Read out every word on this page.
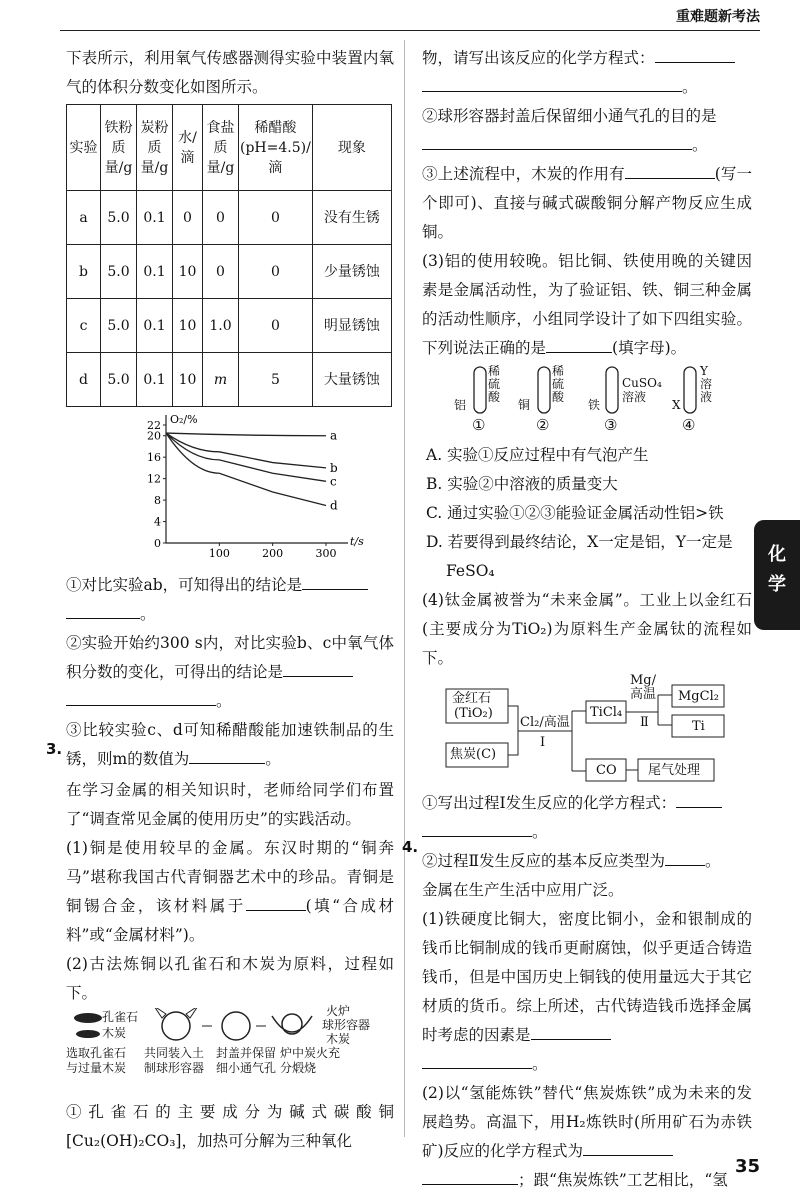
重难题新考法
下表所示，利用氧气传感器测得实验中装置内氧气的体积分数变化如图所示。
实验	铁粉质量/g	炭粉质量/g	水/滴	食盐质量/g	稀醋酸(pH=4.5)/滴	现象
a	5.0	0.1	0	0	0	没有生锈
b	5.0	0.1	10	0	0	少量锈蚀
c	5.0	0.1	10	1.0	0	明显锈蚀
d	5.0	0.1	10	m	5	大量锈蚀
22
20
16
12
8
4
0
100	200	300
O₂/%
t/s
a
b
c
d
①对比实验ab，可知得出的结论是
。
②实验开始约300 s内，对比实验b、c中氧气体积分数的变化，可得出的结论是
。
③比较实验c、d可知稀醋酸能加速铁制品的生锈，则m的数值为	。
在学习金属的相关知识时，老师给同学们布置了“调查常见金属的使用历史”的实践活动。
(1)铜是使用较早的金属。东汉时期的“铜奔马”堪称我国古代青铜器艺术中的珍品。青铜是铜锡合金，该材料属于	(填“合成材料”或“金属材料”)。
(2)古法炼铜以孔雀石和木炭为原料，过程如下。
孔雀石
木炭
火炉
球形容器
木炭
选取孔雀石与过量木炭
共同装入土制球形容器
封盖并保留细小通气孔
炉中炭火充分煅烧
①孔雀石的主要成分为碱式碳酸铜[Cu₂(OH)₂CO₃]，加热可分解为三种氧化
3.
物，请写出该反应的化学方程式：
。
②球形容器封盖后保留细小通气孔的目的是
。
③上述流程中，木炭的作用有	(写一个即可)、直接与碱式碳酸铜分解产物反应生成铜。
(3)铝的使用较晚。铝比铜、铁使用晚的关键因素是金属活动性，为了验证铝、铁、铜三种金属的活动性顺序，小组同学设计了如下四组实验。下列说法正确的是	(填字母)。
稀硫酸
铝
①
稀硫酸
铜
②
CuSO₄
溶液
铁
③
Y溶液
X
④
A. 实验①反应过程中有气泡产生
B. 实验②中溶液的质量变大
C. 通过实验①②③能验证金属活动性铝>铁
D. 若要得到最终结论，X一定是铝，Y一定是FeSO₄
(4)钛金属被誉为“未来金属”。工业上以金红石(主要成分为TiO₂)为原料生产金属钛的流程如下。
金红石
(TiO₂)
焦炭(C)
Cl₂/高温
Ⅰ
TiCl₄
Mg/
高温
Ⅱ
MgCl₂
Ti
CO 尾气处理
①写出过程Ⅰ发生反应的化学方程式：
。
②过程Ⅱ发生反应的基本反应类型为	。
金属在生产生活中应用广泛。
(1)铁硬度比铜大，密度比铜小，金和银制成的钱币比铜制成的钱币更耐腐蚀，似乎更适合铸造钱币，但是中国历史上铜钱的使用量远大于其它材质的货币。综上所述，古代铸造钱币选择金属时考虑的因素是
。
(2)以“氢能炼铁”替代“焦炭炼铁”成为未来的发展趋势。高温下，用H₂炼铁时(所用矿石为赤铁矿)反应的化学方程式为
；跟“焦炭炼铁”工艺相比，“氢
4.
化学
35
